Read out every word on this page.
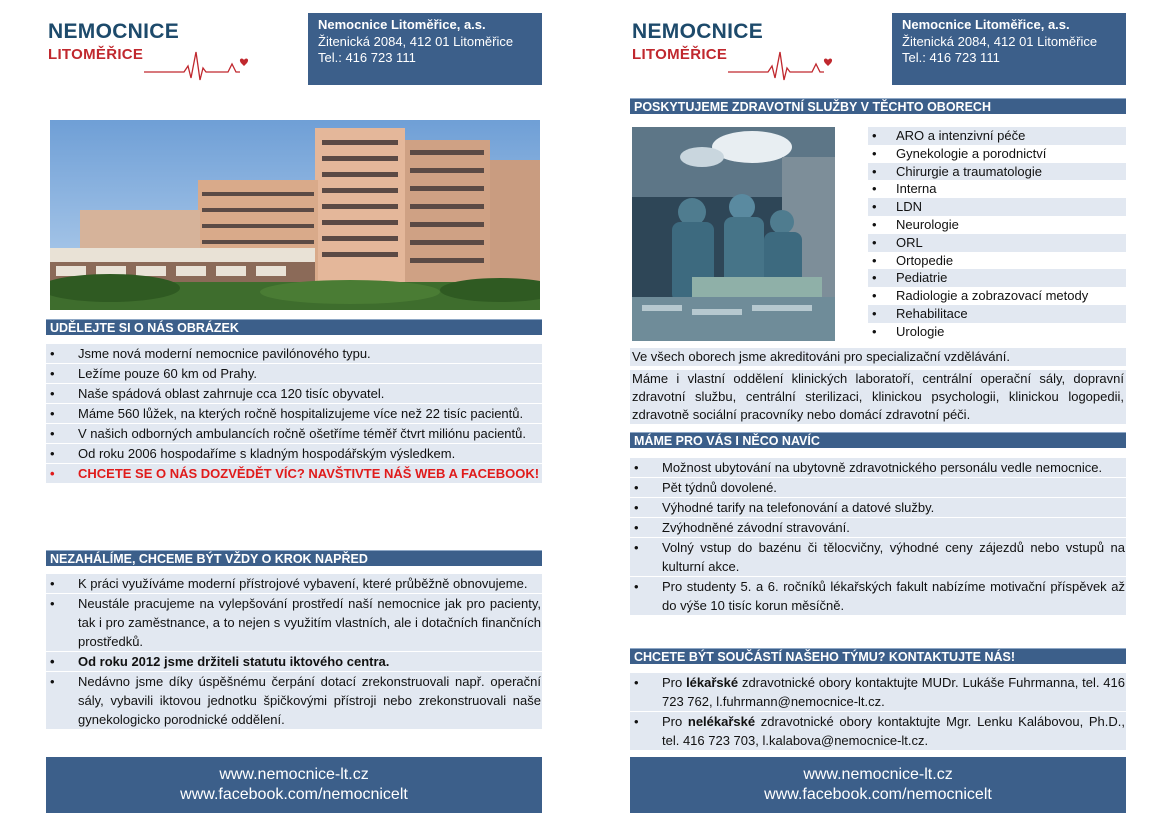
NEMOCNICE
LITOMĚŘICE
Nemocnice Litoměřice, a.s.
Žitenická 2084, 412 01 Litoměřice
Tel.: 416 723 111
UDĚLEJTE SI O NÁS OBRÁZEK
• Jsme nová moderní nemocnice pavilónového typu.
• Ležíme pouze 60 km od Prahy.
• Naše spádová oblast zahrnuje cca 120 tisíc obyvatel.
• Máme 560 lůžek, na kterých ročně hospitalizujeme více než 22 tisíc pacientů.
• V našich odborných ambulancích ročně ošetříme téměř čtvrt miliónu pacientů.
• Od roku 2006 hospodaříme s kladným hospodářským výsledkem.
• CHCETE SE O NÁS DOZVĚDĚT VÍC? NAVŠTIVTE NÁŠ WEB A FACEBOOK!
NEZAHÁLÍME, CHCEME BÝT VŽDY O KROK NAPŘED
• K práci využíváme moderní přístrojové vybavení, které průběžně obnovujeme.
• Neustále pracujeme na vylepšování prostředí naší nemocnice jak pro pacienty, tak i pro zaměstnance, a to nejen s využitím vlastních, ale i dotačních finančních prostředků.
• Od roku 2012 jsme držiteli statutu iktového centra.
• Nedávno jsme díky úspěšnému čerpání dotací zrekonstruovali např. operační sály, vybavili iktovou jednotku špičkovými přístroji nebo zrekonstruovali naše gynekologicko porodnické oddělení.
www.nemocnice-lt.cz
www.facebook.com/nemocnicelt
NEMOCNICE
LITOMĚŘICE
Nemocnice Litoměřice, a.s.
Žitenická 2084, 412 01 Litoměřice
Tel.: 416 723 111
POSKYTUJEME ZDRAVOTNÍ SLUŽBY V TĚCHTO OBORECH
• ARO a intenzivní péče
• Gynekologie a porodnictví
• Chirurgie a traumatologie
• Interna
• LDN
• Neurologie
• ORL
• Ortopedie
• Pediatrie
• Radiologie a zobrazovací metody
• Rehabilitace
• Urologie
Ve všech oborech jsme akreditováni pro specializační vzdělávání.
Máme i vlastní oddělení klinických laboratoří, centrální operační sály, dopravní zdravotní službu, centrální sterilizaci, klinickou psychologii, klinickou logopedii, zdravotně sociální pracovníky nebo domácí zdravotní péči.
MÁME PRO VÁS I NĚCO NAVÍC
• Možnost ubytování na ubytovně zdravotnického personálu vedle nemocnice.
• Pět týdnů dovolené.
• Výhodné tarify na telefonování a datové služby.
• Zvýhodněné závodní stravování.
• Volný vstup do bazénu či tělocvičny, výhodné ceny zájezdů nebo vstupů na kulturní akce.
• Pro studenty 5. a 6. ročníků lékařských fakult nabízíme motivační příspěvek až do výše 10 tisíc korun měsíčně.
CHCETE BÝT SOUČÁSTÍ NAŠEHO TÝMU? KONTAKTUJTE NÁS!
• Pro lékařské zdravotnické obory kontaktujte MUDr. Lukáše Fuhrmanna, tel. 416 723 762, l.fuhrmann@nemocnice-lt.cz.
• Pro nelékařské zdravotnické obory kontaktujte Mgr. Lenku Kalábovou, Ph.D., tel. 416 723 703, l.kalabova@nemocnice-lt.cz.
www.nemocnice-lt.cz
www.facebook.com/nemocnicelt
